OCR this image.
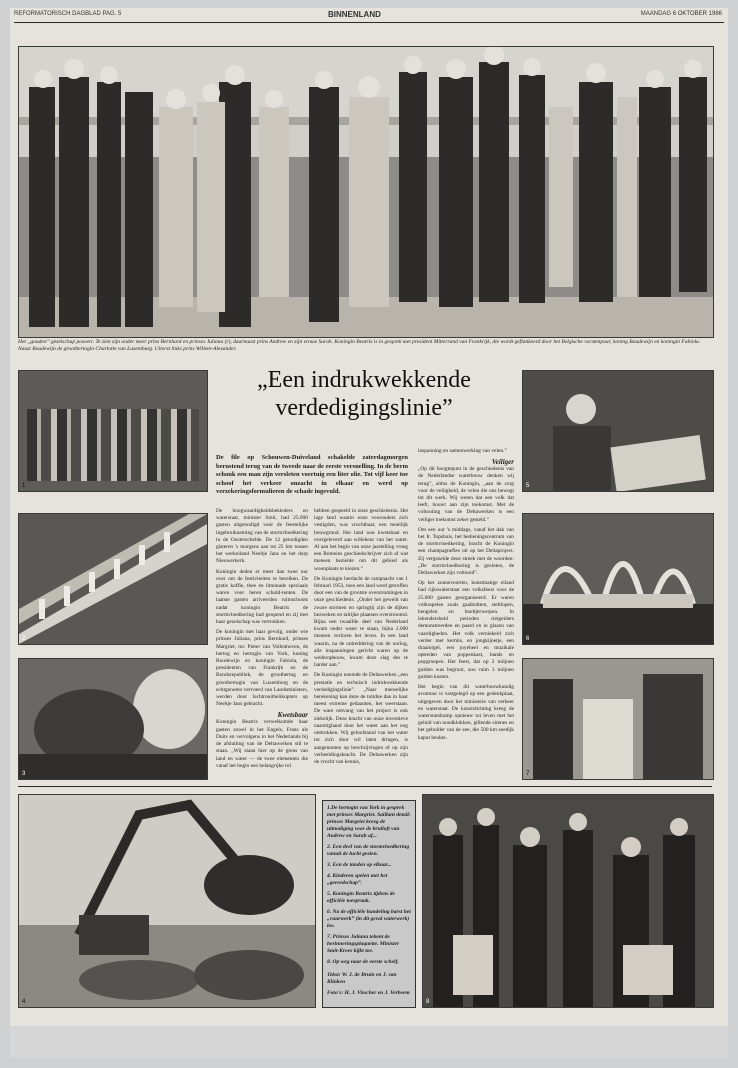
REFORMATORISCH DAGBLAD PAG. 5	BINNENLAND	MAANDAG 6 OKTOBER 1986
Het „gouden” gezelschap poseert. Te zien zijn onder meer prins Bernhard en prinses Juliana (r), daarnaast prins Andrew en zijn vrouw Sarah. Koningin Beatrix is in gesprek met president Mitterrand van Frankrijk, die wordt geflankeerd door het Belgische vorstenpaar, koning Boudewijn en koningin Fabiola. Naast Boudewijn de groothertogin Charlotte van Luxemburg. Uiterst links prins Willem-Alexander.
1
2
3
„Een indrukwekkende
verdedigingslinie”
5
6
7
De file op Schouwen-Duiveland schakelde zaterdagmorgen berustend terug van de tweede naar de eerste versnelling. In de berm schonk een man zijn versleten voertuig een liter olie. Tot vijf keer toe schoof het verkeer onzacht in elkaar en werd op verzekeringsformulieren de schade ingevuld.

De hoogwaardigheidsbekleders en waterstaat, minister Smit, had 25.000 gasten uitgenodigd voor de feestelijke ingebruikneming van de stormvloedkering in de Oosterschelde. De 12 genodigden gisteren 's morgens aan tot 25 km tussen het werkeiland Neeltje Jans en het dorp Nieuwerkerk.

Koningin deden er meer dan twee uur over om de festiviteiten te bereiken. De gratis koffie, thee en limonade speciaals waren voor heren schuld-tenten. De laatste gasten arriveerden ruimschoots nadat koningin Beatrix de stormvloedkering had geopend en zij met haar gezelschap was vertrokken.

De koningin met haar gevolg, onder wie prinses Juliana, prins Bernhard, prinses Margriet, mr. Pieter van Vollenhoven, de hertog en hertogin van York, koning Boudewijn en koningin Fabiola, de presidenten van Frankrijk en de Bondsrepubliek, de groothertog en groothertogin van Luxemburg en de echtgenoten vervoerd van Landsministers, werden door luchtrooithelikopters op Neeltje Jans gebracht.

Kwetsbaar

Koningin Beatrix verwelkomde haar gasten zowel in het Engels, Frans als Duits en vervolgens in het Nederlands bij de afsluiting van de Deltawerken stil te staan. „Wij staan hier op de grens van land en water — de twee elementen die vanaf het begin een belangrijke rol

hebben gespeeld in onze geschiedenis. Het lage land waarin onze voorouders zich vestigden, was vruchtbaar, een moeilijk bouwgrond. Het land was kwetsbaar en overgeleverd aan willekeur van het water. Al aan het begin van onze jaartelling vroeg een Romeins geschiedschrijver zich af wat mensen bezielde om dit gebied als woonplaats te kiezen.”

De Koningin herdacht de rampnacht van 1 februari 1953, toen een land werd getroffen door een van de grootste overstromingen in onze geschiedenis. „Onder het geweld van zware stormen en springtij zijn de dijken bezweken en talrijke plaatsen overstroomd. Bijna een twaalfde deel van Nederland kwam onder water te staan, bijna 2.000 mensen verloren het leven. In een land waarin, na de ontreddering van de oorlog, alle inspanningen gericht waren op de wederopbouw, kwam deze slag des te harder aan.”

De Koningin noemde de Deltawerken „een prestatie en technisch indrukwekkende verdedigingslinie”. „Naar menselijke berekening kan deze de tuitdue dan in haar meest extreme gedaanten, het weerstaan. De ware omvang van het project is ook ziekelijk. Deze kracht van onze inventieve naarstighand door het water aan het oog onttrokken. Wij geloofstand van het water tot zich door wil laten dringen, is aangenomen op beschrijvingen of op zijn verbeeldingskracht. De Deltawerken zijn de vrucht van kennis,

inspanning en samenwerking van velen.”

Veiliger

„Op dit hoogtepunt in de geschiedenis van de Nederlandse waterbouw denken wij terug”, aldus de Koningin, „aan de zorg voor de veiligheid, de velen die ons bewogt tot dit werk. Wij weten dat een volk dat leeft, bouwt aan zijn toekomst. Met de voltooiing van de Deltawerken is een veiliger toekomst zeker gesteld.”

Om een uur 's middags, vanaf het dak van het Ir. Topshuis, het bedieningscentrum van de stormvloedkering, bracht de Koningin een champagnefles uit op het Deltaproject. Zij vergezelde deze streek met de woorden: „De stormvloedkering is gesloten, de Deltawerken zijn voltooid”.

Op het zonnevoorten, kunstmatige eiland had rijkswaterstaat een volksfeest voor de 25.000 gasten georganiseerd. Er waren volksspelen zoals gaaiboltten, steltlopen, hengelen en boeltjerwerpen. In lekendersheid perioden rietgeiders demonstreerden en paard en in glazen van vaardigheden. Het volk verniekeld zich verder met kermis, en jongkijnetje, een draaiorgel, een joyeheel en muzikale optreden van poppenkast, bands en popgroepen. Het feest, dat op 2 miljoen gulden was begroot, zou ruim 3 miljoen gulden kosten.

Het begin van dit waterbouwkundig avontuur is vastgelegd op een gedenkplaat, uitgegeven door het ministerie van verkeer en waterstaat. De kunststichting kreeg de waterstandramp opnieuw tot leven met het geluid van noodklokken, gillende sirenes en het gebulder van de zee, die 500 km zeedijk kapot beukte.

4

1.De hertogin van York in gesprek met prinses Margriet. Saillant detail: prinses Margriet kreeg de uitnodiging voor de bruiloft van Andrew en Sarah af...

2. Een deel van de stormvloedkering vanuit de lucht gezien.

3. Een de tanden op elkaar...

4. Kinderen spelen met het „gereedschap”.

5. Koningin Beatrix tijdens de officiële toespraak.

6. Na de officiële handeling barst het „vuurwerk” (in dit geval waterwerk) los.

7. Prinses Juliana tekent de herinneringsplaquette. Minister Smit-Kroes kijkt toe.

8. Op weg naar de eerste schelf.

Tekst: W. J. de Bruin en J. van Klinken

Foto's: H. J. Visscher en J. Verbeem

8
